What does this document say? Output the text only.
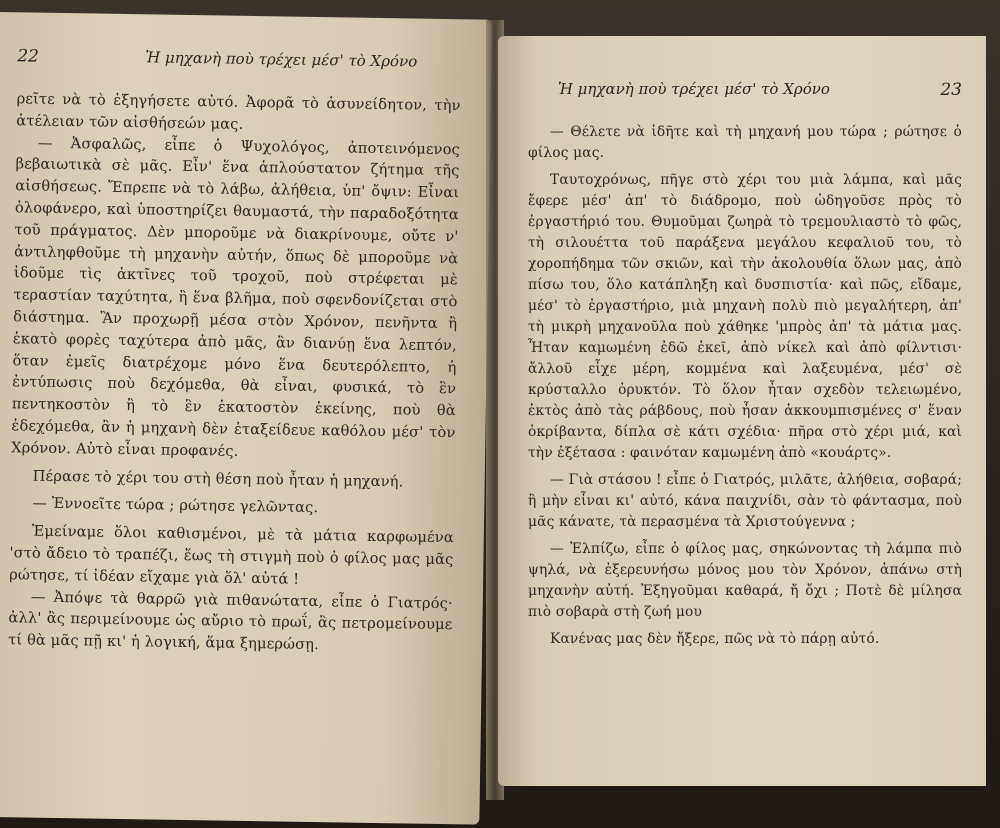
22	Ἡ μηχανὴ ποὺ τρέχει μέσ' τὸ Χρόνο

ρεῖτε νὰ τὸ ἐξηγήσετε αὐτό. Ἀφορᾶ τὸ ἀσυνείδητον, τὴν ἀτέλειαν τῶν αἰσθήσεών μας.

— Ἀσφαλῶς, εἶπε ὁ Ψυχολόγος, ἀποτεινόμενος βεβαιωτικὰ σὲ μᾶς. Εἶν' ἕνα ἁπλούστατον ζήτημα τῆς αἰσθήσεως. Ἔπρεπε νὰ τὸ λάβω, ἀλήθεια, ὑπ' ὄψιν: Εἶναι ὁλοφάνερο, καὶ ὑποστηρίζει θαυμαστά, τὴν παραδοξότητα τοῦ πράγματος. Δὲν μποροῦμε νὰ διακρίνουμε, οὔτε ν' ἀντιληφθοῦμε τὴ μηχανὴν αὐτήν, ὅπως δὲ μποροῦμε νὰ ἰδοῦμε τὶς ἀκτῖνες τοῦ τροχοῦ, ποὺ στρέφεται μὲ τεραστίαν ταχύτητα, ἢ ἕνα βλῆμα, ποὺ σφενδονίζεται στὸ διάστημα. Ἂν προχωρῇ μέσα στὸν Χρόνον, πενῆντα ἢ ἑκατὸ φορὲς ταχύτερα ἀπὸ μᾶς, ἂν διανύῃ ἕνα λεπτόν, ὅταν ἐμεῖς διατρέχομε μόνο ἕνα δευτερόλεπτο, ἡ ἐντύπωσις ποὺ δεχόμεθα, θὰ εἶναι, φυσικά, τὸ ἓν πεντηκοστὸν ἢ τὸ ἓν ἑκατοστὸν ἐκείνης, ποὺ θὰ ἐδεχόμεθα, ἂν ἡ μηχανὴ δὲν ἐταξείδευε καθόλου μέσ' τὸν Χρόνον. Αὐτὸ εἶναι προφανές.

Πέρασε τὸ χέρι του στὴ θέση ποὺ ἦταν ἡ μηχανή.

— Ἐννοεῖτε τώρα ; ρώτησε γελῶντας.

Ἐμείναμε ὅλοι καθισμένοι, μὲ τὰ μάτια καρφωμένα 'στὸ ἄδειο τὸ τραπέζι, ἕως τὴ στιγμὴ ποὺ ὁ φίλος μας μᾶς ρώτησε, τί ἰδέαν εἴχαμε γιὰ ὅλ' αὐτά !

— Ἀπόψε τὰ θαρρῶ γιὰ πιθανώτατα, εἶπε ὁ Γιατρός· ἀλλ' ἂς περιμείνουμε ὡς αὔριο τὸ πρωΐ, ἂς πετρομείνουμε τί θὰ μᾶς πῇ κι' ἡ λογική, ἅμα ξημερώσῃ.

Ἡ μηχανὴ ποὺ τρέχει μέσ' τὸ Χρόνο	23

— Θέλετε νὰ ἰδῆτε καὶ τὴ μηχανή μου τώρα ; ρώτησε ὁ φίλος μας.

Ταυτοχρόνως, πῆγε στὸ χέρι του μιὰ λάμπα, καὶ μᾶς ἔφερε μέσ' ἀπ' τὸ διάδρομο, ποὺ ὡδηγοῦσε πρὸς τὸ ἐργαστήριό του. Θυμοῦμαι ζωηρὰ τὸ τρεμουλιαστὸ τὸ φῶς, τὴ σιλουέττα τοῦ παράξενα μεγάλου κεφαλιοῦ του, τὸ χοροπήδημα τῶν σκιῶν, καὶ τὴν ἀκολουθία ὅλων μας, ἀπὸ πίσω του, ὅλο κατάπληξη καὶ δυσπιστία· καὶ πῶς, εἴδαμε, μέσ' τὸ ἐργαστήριο, μιὰ μηχανὴ πολὺ πιὸ μεγαλήτερη, ἀπ' τὴ μικρὴ μηχανοῦλα ποὺ χάθηκε 'μπρὸς ἀπ' τὰ μάτια μας. Ἦταν καμωμένη ἐδῶ ἐκεῖ, ἀπὸ νίκελ καὶ ἀπὸ φίλντισι· ἄλλοῦ εἶχε μέρη, κομμένα καὶ λαξευμένα, μέσ' σὲ κρύσταλλο ὀρυκτόν. Τὸ ὅλον ἦταν σχεδὸν τελειωμένο, ἐκτὸς ἀπὸ τὰς ράβδους, ποὺ ἦσαν ἀκκουμπισμένες σ' ἕναν ὀκρίβαντα, δίπλα σὲ κάτι σχέδια· πῆρα στὸ χέρι μιά, καὶ τὴν ἐξέτασα : φαινόταν καμωμένη ἀπὸ «κουάρτς».

— Γιὰ στάσου ! εἶπε ὁ Γιατρός, μιλᾶτε, ἀλήθεια, σοβαρά; ἢ μὴν εἶναι κι' αὐτό, κάνα παιχνίδι, σὰν τὸ φάντασμα, ποὺ μᾶς κάνατε, τὰ περασμένα τὰ Χριστούγεννα ;

— Ἐλπίζω, εἶπε ὁ φίλος μας, σηκώνοντας τὴ λάμπα πιὸ ψηλά, νὰ ἐξερευνήσω μόνος μου τὸν Χρόνον, ἀπάνω στὴ μηχανὴν αὐτή. Ἐξηγοῦμαι καθαρά, ἤ ὄχι ; Ποτὲ δὲ μίλησα πιὸ σοβαρὰ στὴ ζωή μου

Κανένας μας δὲν ἤξερε, πῶς νὰ τὸ πάρῃ αὐτό.
